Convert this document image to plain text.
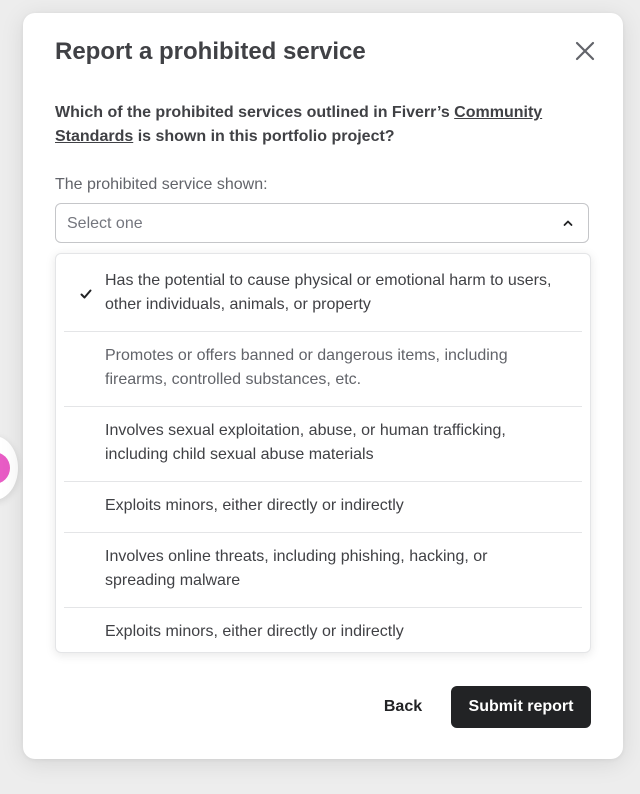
Report a prohibited service

Which of the prohibited services outlined in Fiverr’s Community Standards is shown in this portfolio project?

The prohibited service shown:
Select one
Has the potential to cause physical or emotional harm to users, other individuals, animals, or property
Promotes or offers banned or dangerous items, including firearms, controlled substances, etc.
Involves sexual exploitation, abuse, or human trafficking, including child sexual abuse materials
Exploits minors, either directly or indirectly
Involves online threats, including phishing, hacking, or spreading malware
Exploits minors, either directly or indirectly
Back	Submit report
